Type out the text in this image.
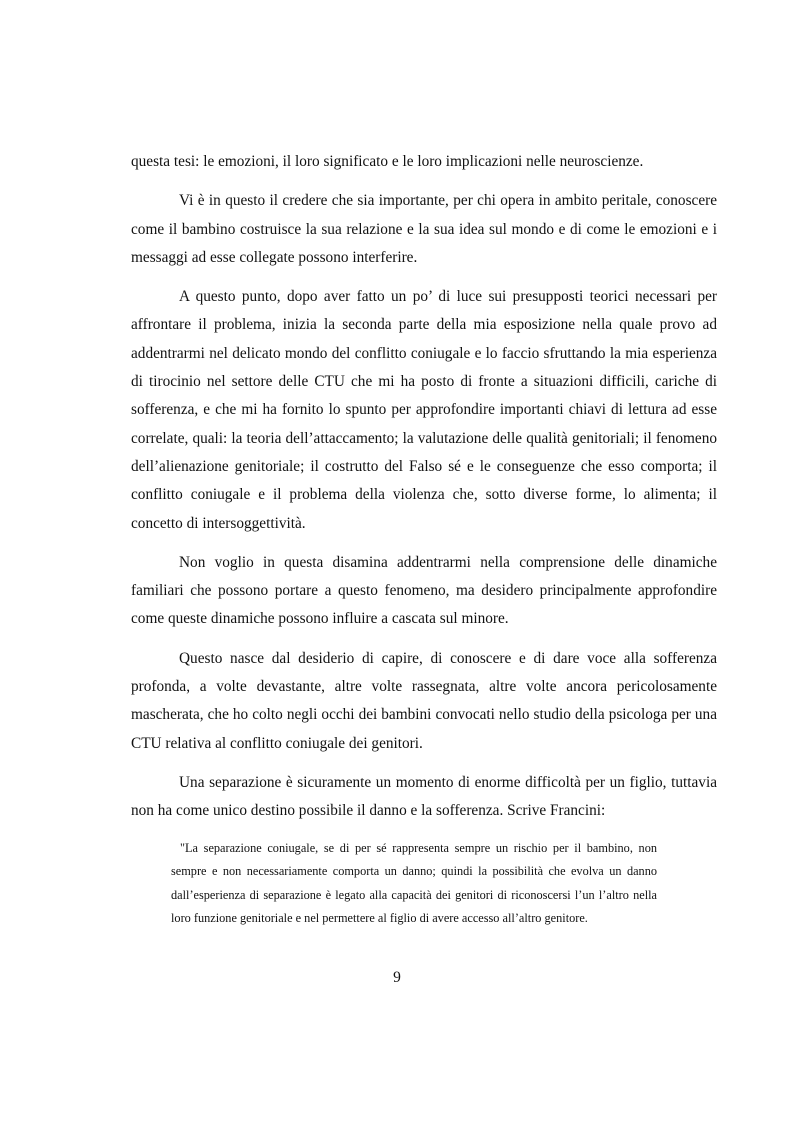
questa tesi: le emozioni, il loro significato e le loro implicazioni nelle neuroscienze.

Vi è in questo il credere che sia importante, per chi opera in ambito peritale, conoscere come il bambino costruisce la sua relazione e la sua idea sul mondo e di come le emozioni e i messaggi ad esse collegate possono interferire.

A questo punto, dopo aver fatto un po’ di luce sui presupposti teorici necessari per affrontare il problema, inizia la seconda parte della mia esposizione nella quale provo ad addentrarmi nel delicato mondo del conflitto coniugale e lo faccio sfruttando la mia esperienza di tirocinio nel settore delle CTU che mi ha posto di fronte a situazioni difficili, cariche di sofferenza, e che mi ha fornito lo spunto per approfondire importanti chiavi di lettura ad esse correlate, quali: la teoria dell’attaccamento; la valutazione delle qualità genitoriali; il fenomeno dell’alienazione genitoriale; il costrutto del Falso sé e le conseguenze che esso comporta; il conflitto coniugale e il problema della violenza che, sotto diverse forme, lo alimenta; il concetto di intersoggettività.

Non voglio in questa disamina addentrarmi nella comprensione delle dinamiche familiari che possono portare a questo fenomeno, ma desidero principalmente approfondire come queste dinamiche possono influire a cascata sul minore.

Questo nasce dal desiderio di capire, di conoscere e di dare voce alla sofferenza profonda, a volte devastante, altre volte rassegnata, altre volte ancora pericolosamente mascherata, che ho colto negli occhi dei bambini convocati nello studio della psicologa per una CTU relativa al conflitto coniugale dei genitori.

Una separazione è sicuramente un momento di enorme difficoltà per un figlio, tuttavia non ha come unico destino possibile il danno e la sofferenza. Scrive Francini:

"La separazione coniugale, se di per sé rappresenta sempre un rischio per il bambino, non sempre e non necessariamente comporta un danno; quindi la possibilità che evolva un danno dall’esperienza di separazione è legato alla capacità dei genitori di riconoscersi l’un l’altro nella loro funzione genitoriale e nel permettere al figlio di avere accesso all’altro genitore.

9
